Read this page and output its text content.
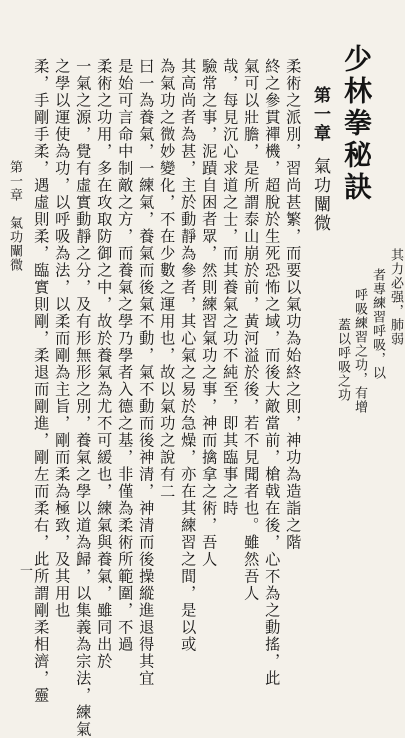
少林拳秘訣
第一章氣功闡微
其力必强，肺弱
者專練習呼吸，以
呼吸練習之功，有增
蓋以呼吸之功
柔術之派別，習尚甚繁，而要以氣功為始終之則，神功為造詣之階
終之參貫禪機，超脫於生死恐怖之域，而後大敵當前，槍戟在後，心不為之動搖，此
氣可以壯膽，是所謂泰山崩於前，黃河溢於後，若不見聞者也。雖然吾人
哉，每見沉心求道之士，而其養氣之功不純至，即其臨事之時
驗常之事，泥蹟自困者眾，然則練習氣功之事，神而擒拿之術，吾人
其高尚者為甚，主於動靜為參者，其心氣之易於急燥，亦在其練習之間，是以或
為氣功之微妙變化，不在少數之運用也，故以氣功之說有二
曰一為養氣，一練氣，養氣而後氣不動，氣不動而後神清，神清而後操縱進退得其宜
是始可言命中制敵之方，而養氣之學乃學者入德之基，非僅為柔術所範圍，不過
柔術之功用，多在攻取防御之中，故於養氣為尤不可緩也，練氣與養氣，雖同出於
一氣之源，覺有虛實動靜之分，及有形無形之別，養氣之學以道為歸，以集義為宗法，練氣
之學以運使為功，以呼吸為法，以柔而剛為主旨，剛而柔為極致，及其用也
柔，手剛手柔，遇虛則柔，臨實則剛，柔退而剛進，剛左而柔右，此所謂剛柔相濟，靈
第一章　氣功闡微
一
